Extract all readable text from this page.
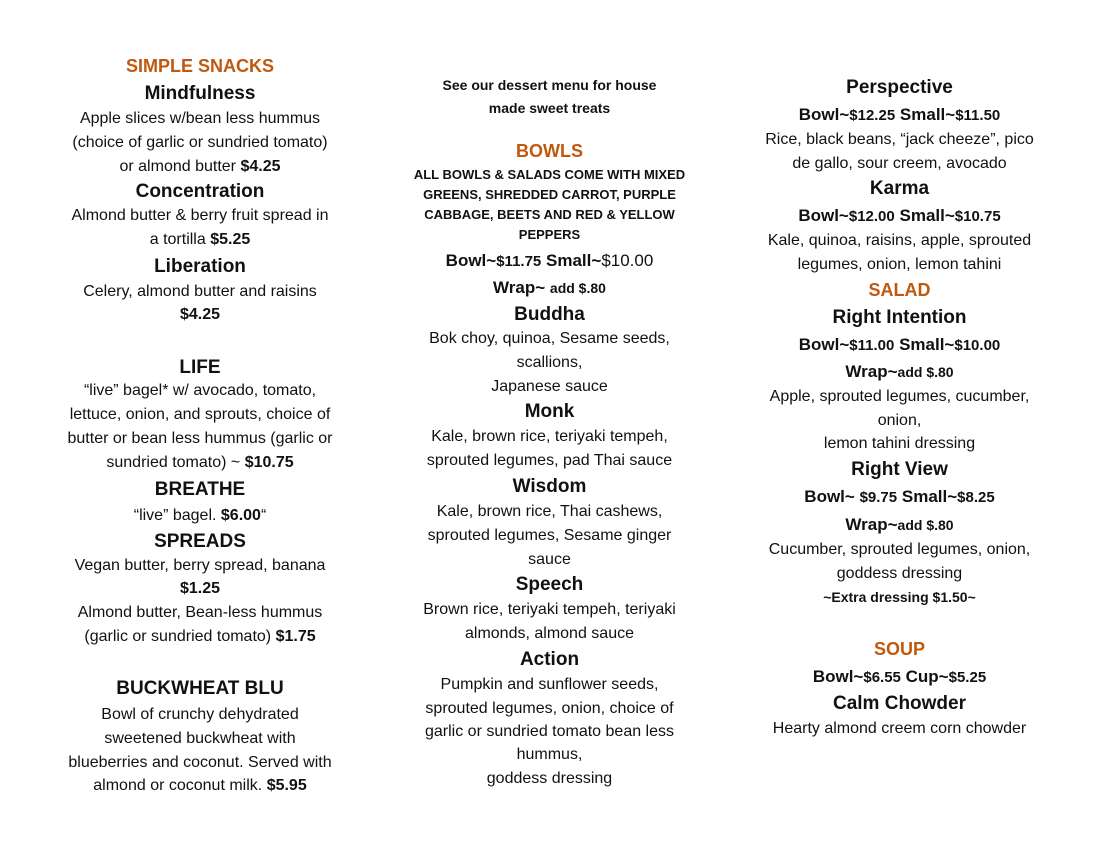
SIMPLE SNACKS
Mindfulness
Apple slices w/bean less hummus
(choice of garlic or sundried tomato)
or almond butter $4.25
Concentration
Almond butter & berry fruit spread in
a tortilla $5.25
Liberation
Celery, almond butter and raisins
$4.25
LIFE
“live” bagel* w/ avocado, tomato,
lettuce, onion, and sprouts, choice of
butter or bean less hummus (garlic or
sundried tomato) ~ $10.75
BREATHE
“live” bagel. $6.00“
SPREADS
Vegan butter, berry spread, banana
$1.25
Almond butter, Bean-less hummus
(garlic or sundried tomato) $1.75
BUCKWHEAT BLU
Bowl of crunchy dehydrated
sweetened buckwheat with
blueberries and coconut. Served with
almond or coconut milk. $5.95
See our dessert menu for house
made sweet treats
BOWLS
ALL BOWLS & SALADS COME WITH MIXED
GREENS, SHREDDED CARROT, PURPLE
CABBAGE, BEETS AND RED & YELLOW
PEPPERS
Bowl~$11.75 Small~$10.00
Wrap~ add $.80
Buddha
Bok choy, quinoa, Sesame seeds,
scallions,
Japanese sauce
Monk
Kale, brown rice, teriyaki tempeh,
sprouted legumes, pad Thai sauce
Wisdom
Kale, brown rice, Thai cashews,
sprouted legumes, Sesame ginger
sauce
Speech
Brown rice, teriyaki tempeh, teriyaki
almonds, almond sauce
Action
Pumpkin and sunflower seeds,
sprouted legumes, onion, choice of
garlic or sundried tomato bean less
hummus,
goddess dressing
Perspective
Bowl~$12.25 Small~$11.50
Rice, black beans, “jack cheeze”, pico
de gallo, sour creem, avocado
Karma
Bowl~$12.00 Small~$10.75
Kale, quinoa, raisins, apple, sprouted
legumes, onion, lemon tahini
SALAD
Right Intention
Bowl~$11.00 Small~$10.00
Wrap~add $.80
Apple, sprouted legumes, cucumber,
onion,
lemon tahini dressing
Right View
Bowl~ $9.75 Small~$8.25
Wrap~add $.80
Cucumber, sprouted legumes, onion,
goddess dressing
~Extra dressing $1.50~
SOUP
Bowl~$6.55 Cup~$5.25
Calm Chowder
Hearty almond creem corn chowder
